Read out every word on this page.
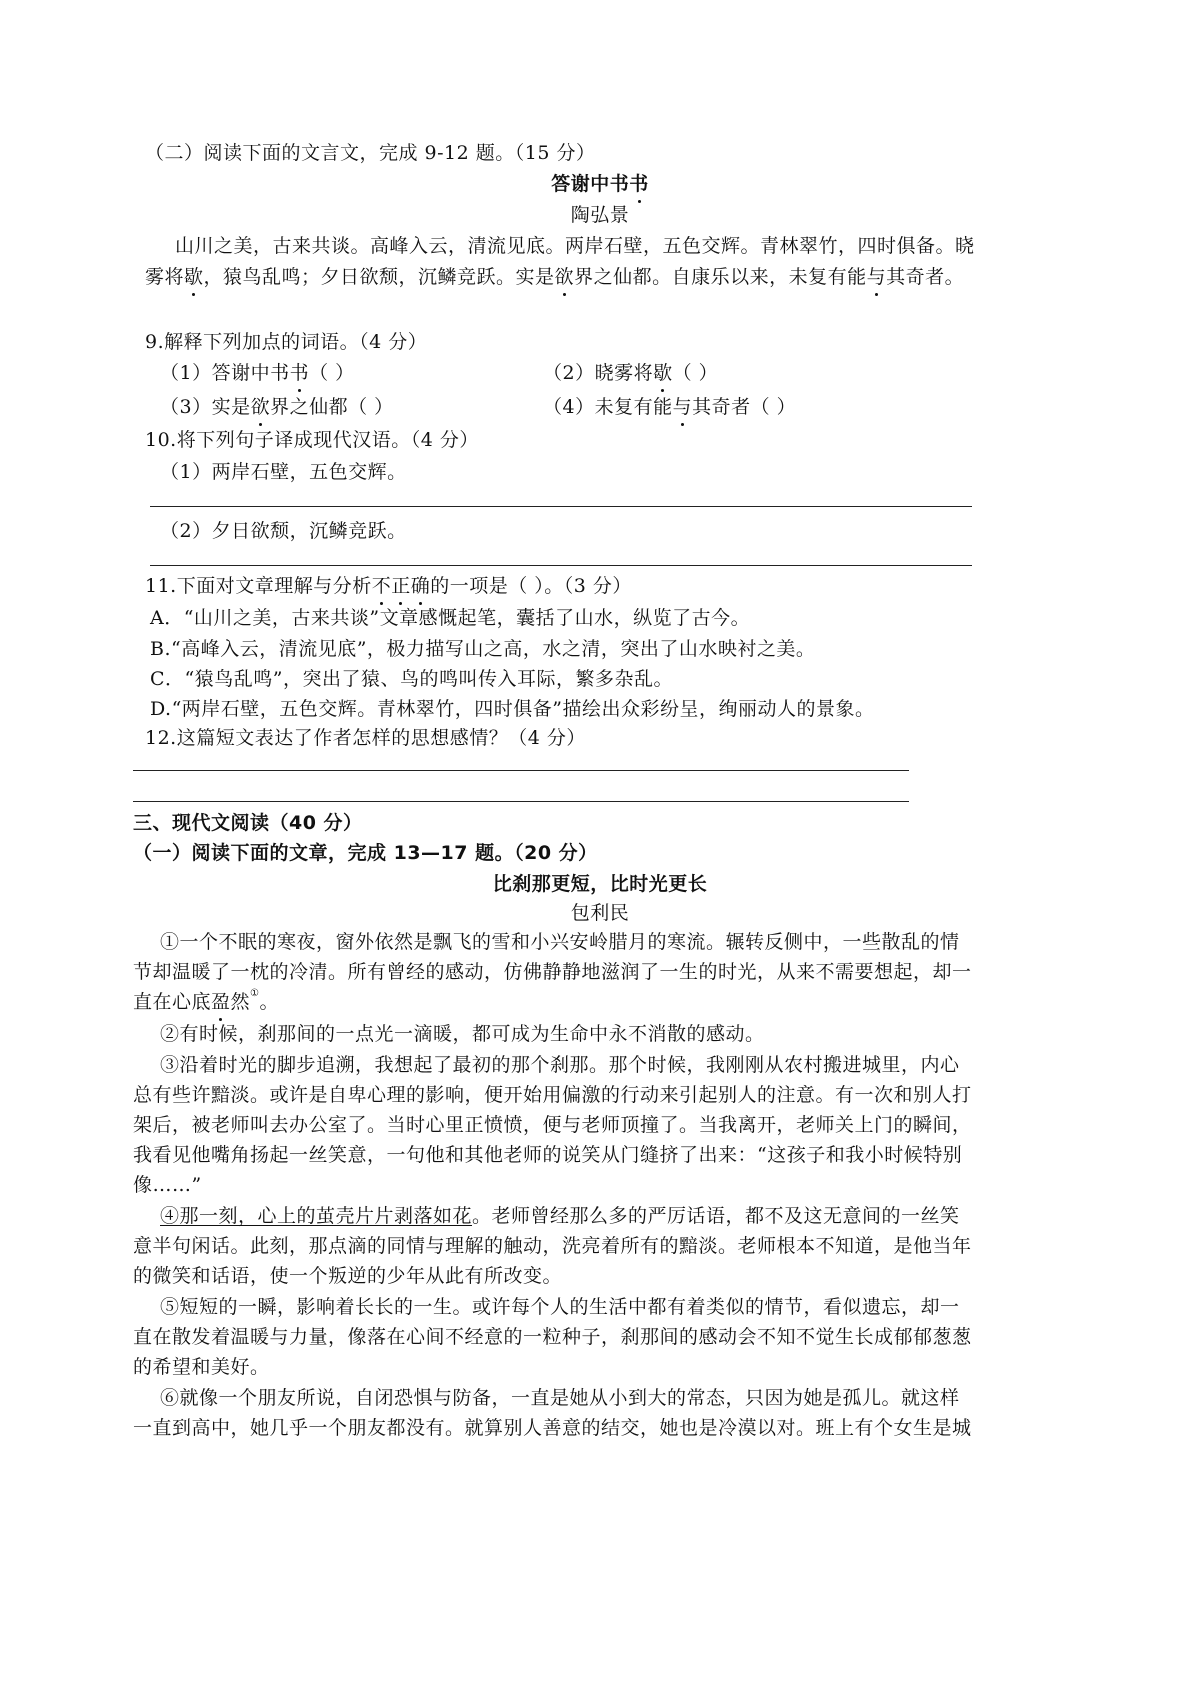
（二）阅读下面的文言文，完成 9-12 题。（15 分）
答谢中书书
陶弘景
山川之美，古来共谈。高峰入云，清流见底。两岸石壁，五色交辉。青林翠竹，四时俱备。晓
雾将歇，猿鸟乱鸣；夕日欲颓，沉鳞竞跃。实是欲界之仙都。自康乐以来，未复有能与其奇者。
9.解释下列加点的词语。（4 分）
（1）答谢中书书（ ）	（2）晓雾将歇（ ）
（3）实是欲界之仙都（ ）	（4）未复有能与其奇者（ ）
10.将下列句子译成现代汉语。（4 分）
（1）两岸石壁，五色交辉。
（2）夕日欲颓，沉鳞竞跃。
11.下面对文章理解与分析不正确的一项是（ ）。（3 分）
A．“山川之美，古来共谈”文章感慨起笔，囊括了山水，纵览了古今。
B.“高峰入云，清流见底”，极力描写山之高，水之清，突出了山水映衬之美。
C．“猿鸟乱鸣”，突出了猿、鸟的鸣叫传入耳际，繁多杂乱。
D.“两岸石壁，五色交辉。青林翠竹，四时俱备”描绘出众彩纷呈，绚丽动人的景象。
12.这篇短文表达了作者怎样的思想感情？（4 分）
三、现代文阅读（40 分）
（一）阅读下面的文章，完成 13—17 题。（20 分）
比刹那更短，比时光更长
包利民
①一个不眠的寒夜，窗外依然是飘飞的雪和小兴安岭腊月的寒流。辗转反侧中，一些散乱的情
节却温暖了一枕的冷清。所有曾经的感动，仿佛静静地滋润了一生的时光，从来不需要想起，却一
直在心底盈然①。
②有时候，刹那间的一点光一滴暖，都可成为生命中永不消散的感动。
③沿着时光的脚步追溯，我想起了最初的那个刹那。那个时候，我刚刚从农村搬进城里，内心
总有些许黯淡。或许是自卑心理的影响，便开始用偏激的行动来引起别人的注意。有一次和别人打
架后，被老师叫去办公室了。当时心里正愤愤，便与老师顶撞了。当我离开，老师关上门的瞬间，
我看见他嘴角扬起一丝笑意，一句他和其他老师的说笑从门缝挤了出来：“这孩子和我小时候特别
像……”
④那一刻，心上的茧壳片片剥落如花。老师曾经那么多的严厉话语，都不及这无意间的一丝笑
意半句闲话。此刻，那点滴的同情与理解的触动，洗亮着所有的黯淡。老师根本不知道，是他当年
的微笑和话语，使一个叛逆的少年从此有所改变。
⑤短短的一瞬，影响着长长的一生。或许每个人的生活中都有着类似的情节，看似遗忘，却一
直在散发着温暖与力量，像落在心间不经意的一粒种子，刹那间的感动会不知不觉生长成郁郁葱葱
的希望和美好。
⑥就像一个朋友所说，自闭恐惧与防备，一直是她从小到大的常态，只因为她是孤儿。就这样
一直到高中，她几乎一个朋友都没有。就算别人善意的结交，她也是冷漠以对。班上有个女生是城
